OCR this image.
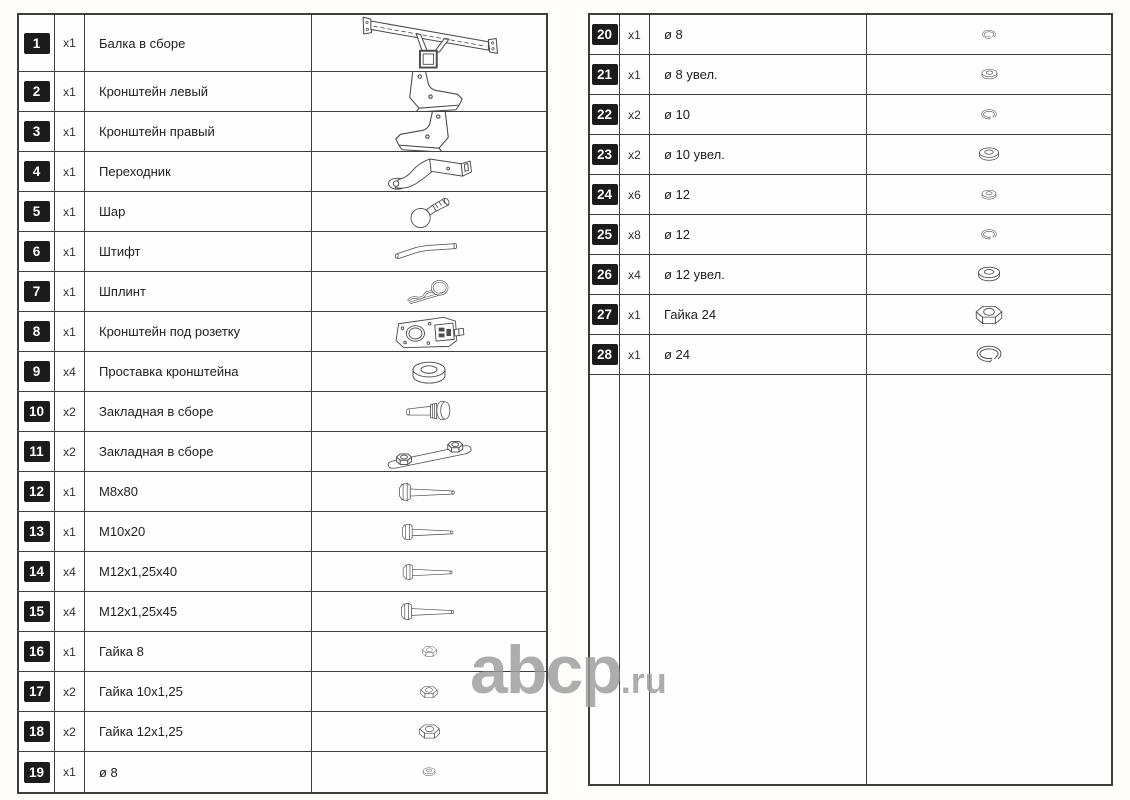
1	x1	Балка в сборе
2	x1	Кронштейн левый
3	x1	Кронштейн правый
4	x1	Переходник
5	x1	Шар
6	x1	Штифт
7	x1	Шплинт
8	x1	Кронштейн под розетку
9	x4	Проставка кронштейна
10	x2	Закладная в сборе
11	x2	Закладная в сборе
12	x1	M8x80
13	x1	M10x20
14	x4	M12x1,25x40
15	x4	M12x1,25x45
16	x1	Гайка 8
17	x2	Гайка 10x1,25
18	x2	Гайка 12x1,25
19	x1	ø 8
20	x1	ø 8
21	x1	ø 8 увел.
22	x2	ø 10
23	x2	ø 10 увел.
24	x6	ø 12
25	x8	ø 12
26	x4	ø 12 увел.
27	x1	Гайка 24
28	x1	ø 24
abcp.ru
